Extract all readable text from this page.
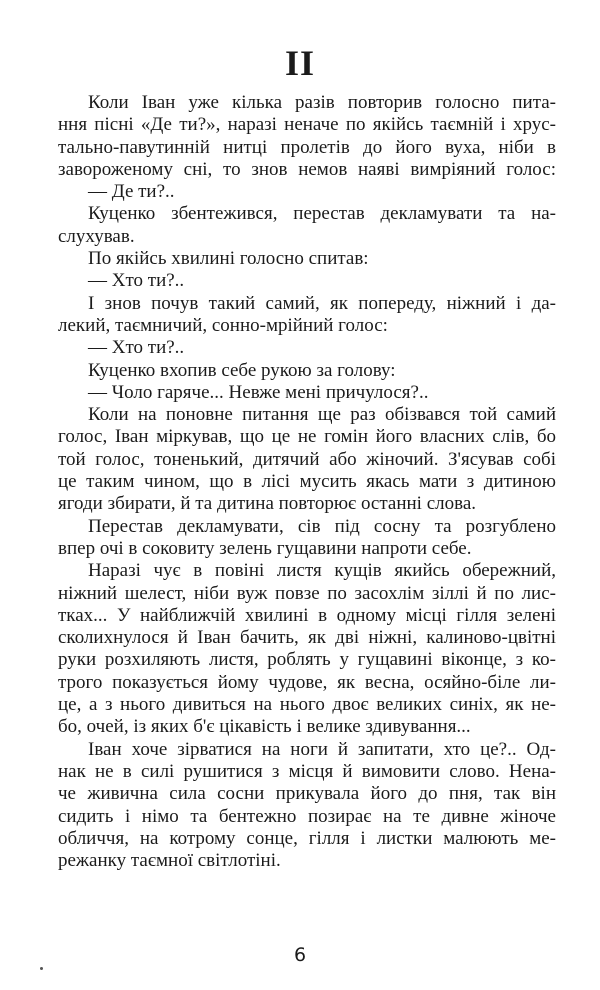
II
Коли Іван уже кілька разів повторив голосно пита-
ння пісні «Де ти?», наразі неначе по якійсь таємній і хрус-
тально-павутинній нитці пролетів до його вуха, ніби в
завороженому сні, то знов немов наяві вимріяний голос:
— Де ти?..
Куценко збентежився, перестав декламувати та на-
слухував.
По якійсь хвилині голосно спитав:
— Хто ти?..
І знов почув такий самий, як попереду, ніжний і да-
лекий, таємничий, сонно-мрійний голос:
— Хто ти?..
Куценко вхопив себе рукою за голову:
— Чоло гаряче... Невже мені причулося?..
Коли на поновне питання ще раз обізвався той самий
голос, Іван міркував, що це не гомін його власних слів, бо
той голос, тоненький, дитячий або жіночий. З'ясував собі
це таким чином, що в лісі мусить якась мати з дитиною
ягоди збирати, й та дитина повторює останні слова.
Перестав декламувати, сів під сосну та розгублено
впер очі в соковиту зелень гущавини напроти себе.
Наразі чує в повіні листя кущів якийсь обережний,
ніжний шелест, ніби вуж повзе по засохлім зіллі й по лис-
тках... У найближчій хвилині в одному місці гілля зелені
сколихнулося й Іван бачить, як дві ніжні, калиново-цвітні
руки розхиляють листя, роблять у гущавині віконце, з ко-
трого показується йому чудове, як весна, осяйно-біле ли-
це, а з нього дивиться на нього двоє великих синіх, як не-
бо, очей, із яких б'є цікавість і велике здивування...
Іван хоче зірватися на ноги й запитати, хто це?.. Од-
нак не в силі рушитися з місця й вимовити слово. Нена-
че живична сила сосни прикувала його до пня, так він
сидить і німо та бентежно позирає на те дивне жіноче
обличчя, на котрому сонце, гілля і листки малюють ме-
режанку таємної світлотіні.
6
